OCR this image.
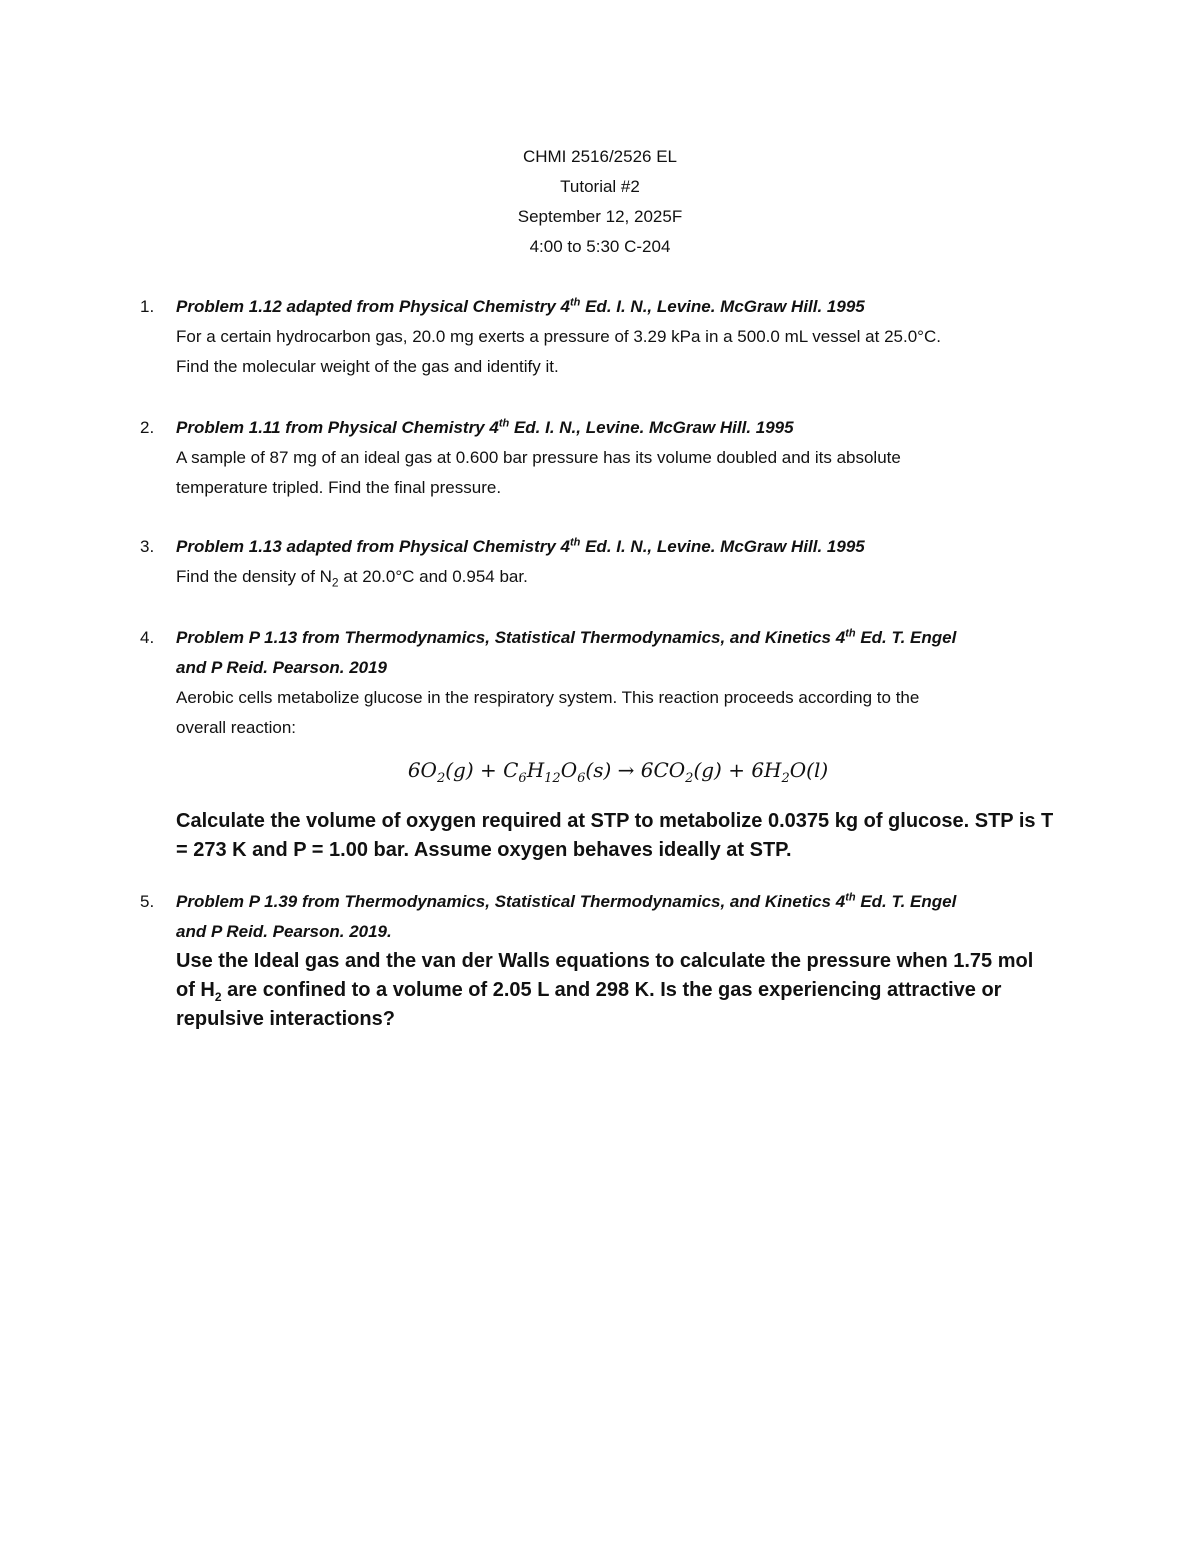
CHMI 2516/2526 EL
Tutorial #2
September 12, 2025F
4:00 to 5:30 C-204
1. Problem 1.12 adapted from Physical Chemistry 4th Ed. I. N., Levine. McGraw Hill. 1995
For a certain hydrocarbon gas, 20.0 mg exerts a pressure of 3.29 kPa in a 500.0 mL vessel at 25.0°C.
Find the molecular weight of the gas and identify it.
2. Problem 1.11 from Physical Chemistry 4th Ed. I. N., Levine. McGraw Hill. 1995
A sample of 87 mg of an ideal gas at 0.600 bar pressure has its volume doubled and its absolute
temperature tripled. Find the final pressure.
3. Problem 1.13 adapted from Physical Chemistry 4th Ed. I. N., Levine. McGraw Hill. 1995
Find the density of $N_2$ at 20.0°C and 0.954 bar.
4. Problem P 1.13 from Thermodynamics, Statistical Thermodynamics, and Kinetics 4th Ed. T. Engel
and P Reid. Pearson. 2019
Aerobic cells metabolize glucose in the respiratory system. This reaction proceeds according to the
overall reaction:
$6O_2(g) + C_6H_{12}O_6(s) \to 6CO_2(g) + 6H_2O(l)$
Calculate the volume of oxygen required at STP to metabolize 0.0375 kg of glucose. STP is T
= 273 K and P = 1.00 bar. Assume oxygen behaves ideally at STP.
5. Problem P 1.39 from Thermodynamics, Statistical Thermodynamics, and Kinetics 4th Ed. T. Engel
and P Reid. Pearson. 2019.
Use the Ideal gas and the van der Walls equations to calculate the pressure when 1.75 mol
of $H_2$ are confined to a volume of 2.05 L and 298 K. Is the gas experiencing attractive or
repulsive interactions?
